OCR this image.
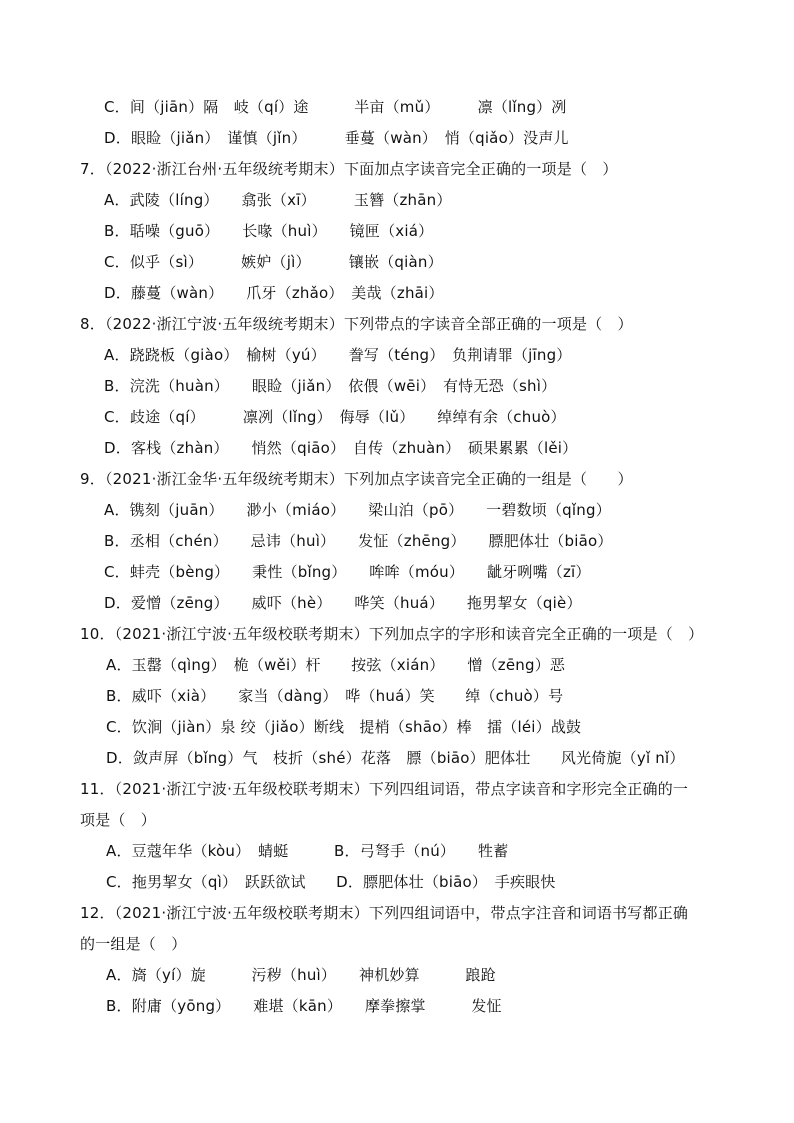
C．间（jiān）隔　岐（qí）途　　　半亩（mǔ）　　　凛（lǐng）冽
D．眼睑（jiǎn）　谨慎（jǐn）　　　垂蔓（wàn）　悄（qiǎo）没声儿
7．（2022·浙江台州·五年级统考期末）下面加点字读音完全正确的一项是（　）
A．武陵（líng）　　翕张（xī）　　　玉簪（zhān）
B．聒噪（guō）　　长喙（huì）　　镜匣（xiá）
C．似乎（sì）　　　嫉妒（jì）　　　镶嵌（qiàn）
D．藤蔓（wàn）　　爪牙（zhǎo）　美哉（zhāi）
8．（2022·浙江宁波·五年级统考期末）下列带点的字读音全部正确的一项是（　）
A．跷跷板（giào）　榆树（yú）　　誊写（téng）　负荆请罪（jīng）
B．浣洗（huàn）　　眼睑（jiǎn）　依偎（wēi）　有恃无恐（shì）
C．歧途（qí）　　　凛冽（lǐng）　侮辱（lǔ）　　绰绰有余（chuò）
D．客栈（zhàn）　　悄然（qiāo）　自传（zhuàn）　硕果累累（lěi）
9．（2021·浙江金华·五年级统考期末）下列加点字读音完全正确的一组是（　　）
A．镌刻（juān）　　渺小（miáo）　　梁山泊（pō）　　一碧数顷（qǐng）
B．丞相（chén）　　忌讳（huì）　　发怔（zhēng）　　膘肥体壮（biāo）
C．蚌壳（bèng）　　秉性（bǐng）　　哞哞（móu）　　龇牙咧嘴（zī）
D．爱憎（zēng）　　威吓（hè）　　哗笑（huá）　　拖男挈女（qiè）
10．（2021·浙江宁波·五年级校联考期末）下列加点字的字形和读音完全正确的一项是（　）
A．玉罄（qìng）　桅（wěi）杆　　按弦（xián）　　憎（zēng）恶
B．威吓（xià）　　家当（dàng）　哗（huá）笑　　绰（chuò）号
C．饮涧（jiàn）泉 绞（jiǎo）断线　提梢（shāo）棒　擂（léi）战鼓
D．敛声屏（bǐng）气　枝折（shé）花落　膘（biāo）肥体壮　　风光倚旎（yǐ nǐ）
11．（2021·浙江宁波·五年级校联考期末）下列四组词语，带点字读音和字形完全正确的一
项是（　）
A．豆蔻年华（kòu）　蜻蜓　　　B．弓弩手（nú）　　牲蓄
C．拖男挈女（qì）　跃跃欲试　　D．膘肥体壮（biāo）　手疾眼快
12．（2021·浙江宁波·五年级校联考期末）下列四组词语中，带点字注音和词语书写都正确
的一组是（　）
A．旖（yí）旋　　　污秽（huì）　　神机妙算　　　踉跄
B．附庸（yōng）　　难堪（kān）　　摩拳擦掌　　　发怔
